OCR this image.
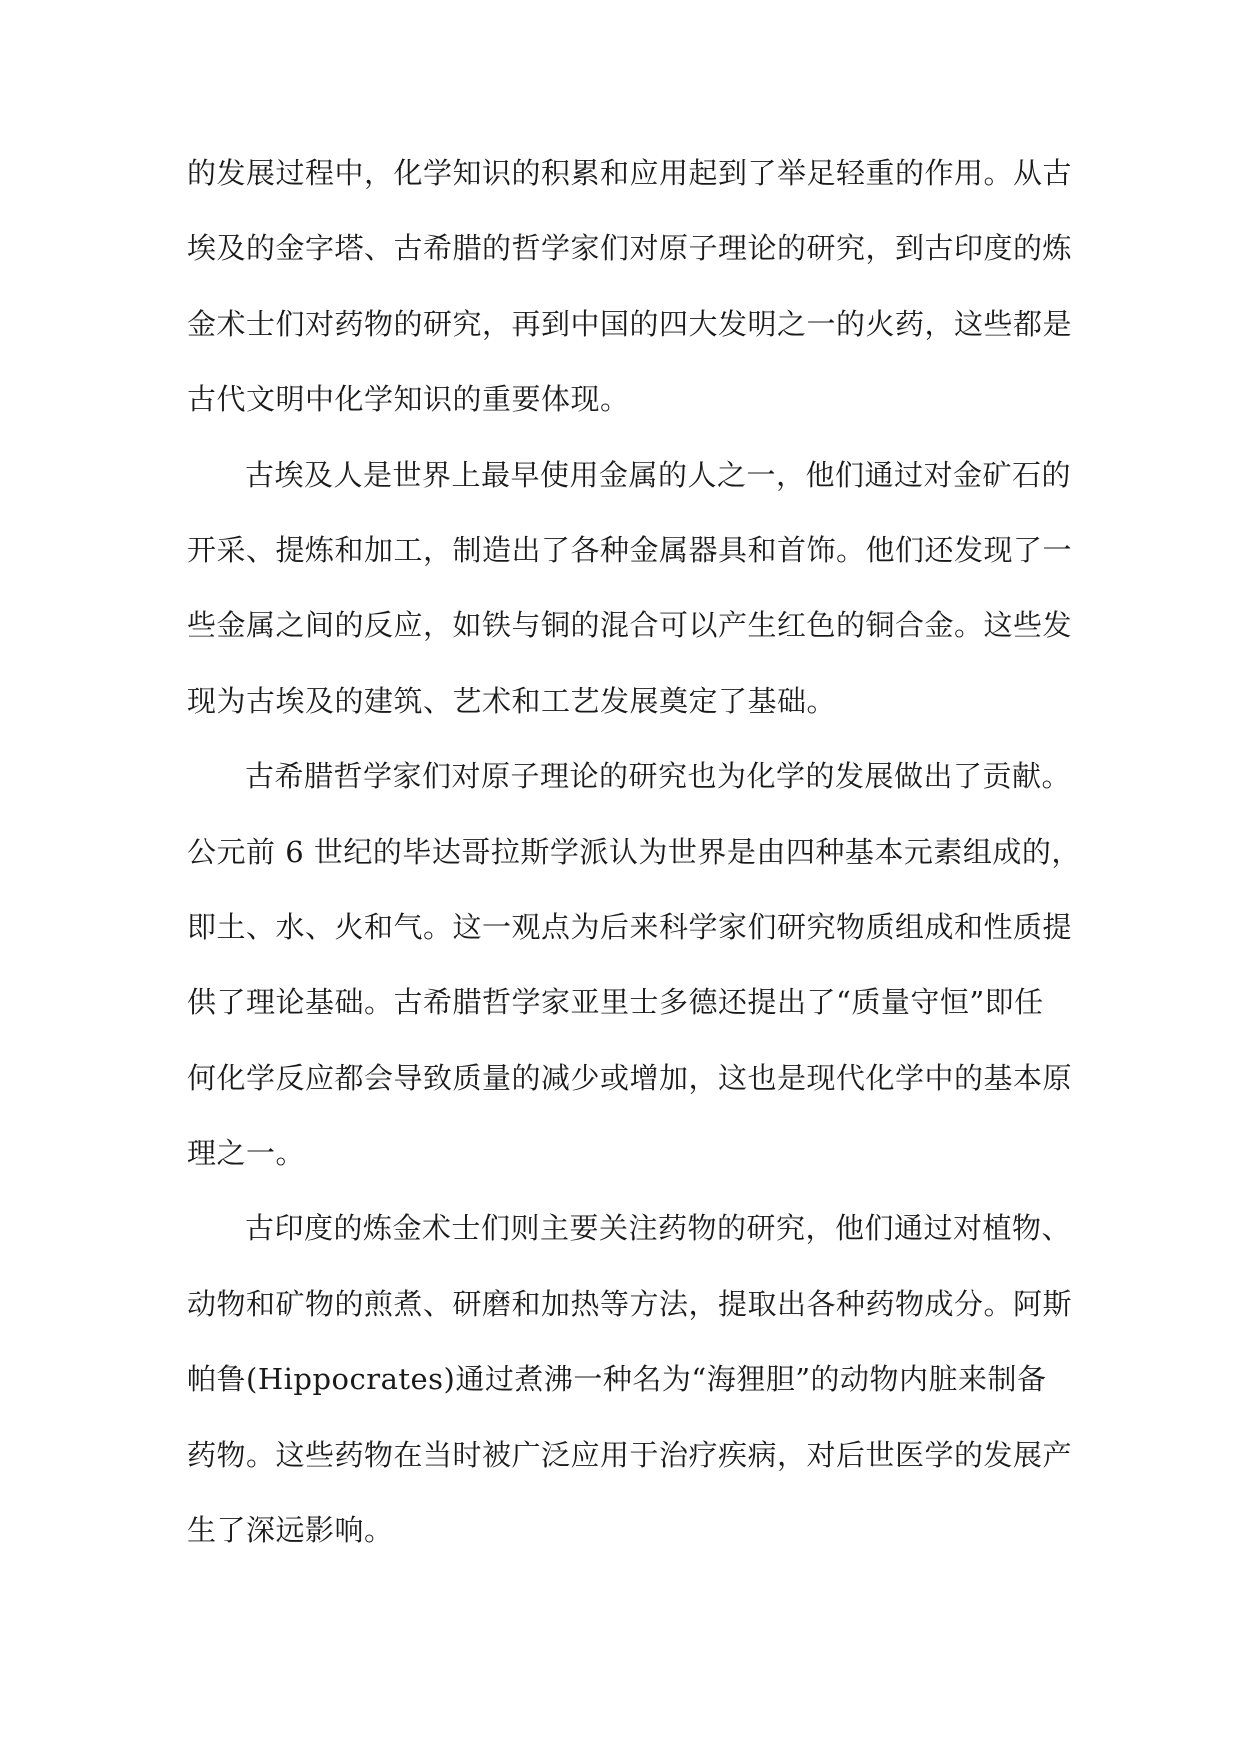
的发展过程中，化学知识的积累和应用起到了举足轻重的作用。从古
埃及的金字塔、古希腊的哲学家们对原子理论的研究，到古印度的炼
金术士们对药物的研究，再到中国的四大发明之一的火药，这些都是
古代文明中化学知识的重要体现。

古埃及人是世界上最早使用金属的人之一，他们通过对金矿石的
开采、提炼和加工，制造出了各种金属器具和首饰。他们还发现了一
些金属之间的反应，如铁与铜的混合可以产生红色的铜合金。这些发
现为古埃及的建筑、艺术和工艺发展奠定了基础。

古希腊哲学家们对原子理论的研究也为化学的发展做出了贡献。
公元前 6 世纪的毕达哥拉斯学派认为世界是由四种基本元素组成的，
即土、水、火和气。这一观点为后来科学家们研究物质组成和性质提
供了理论基础。古希腊哲学家亚里士多德还提出了“质量守恒”即任
何化学反应都会导致质量的减少或增加，这也是现代化学中的基本原
理之一。

古印度的炼金术士们则主要关注药物的研究，他们通过对植物、
动物和矿物的煎煮、研磨和加热等方法，提取出各种药物成分。阿斯
帕鲁(Hippocrates)通过煮沸一种名为“海狸胆”的动物内脏来制备
药物。这些药物在当时被广泛应用于治疗疾病，对后世医学的发展产
生了深远影响。
